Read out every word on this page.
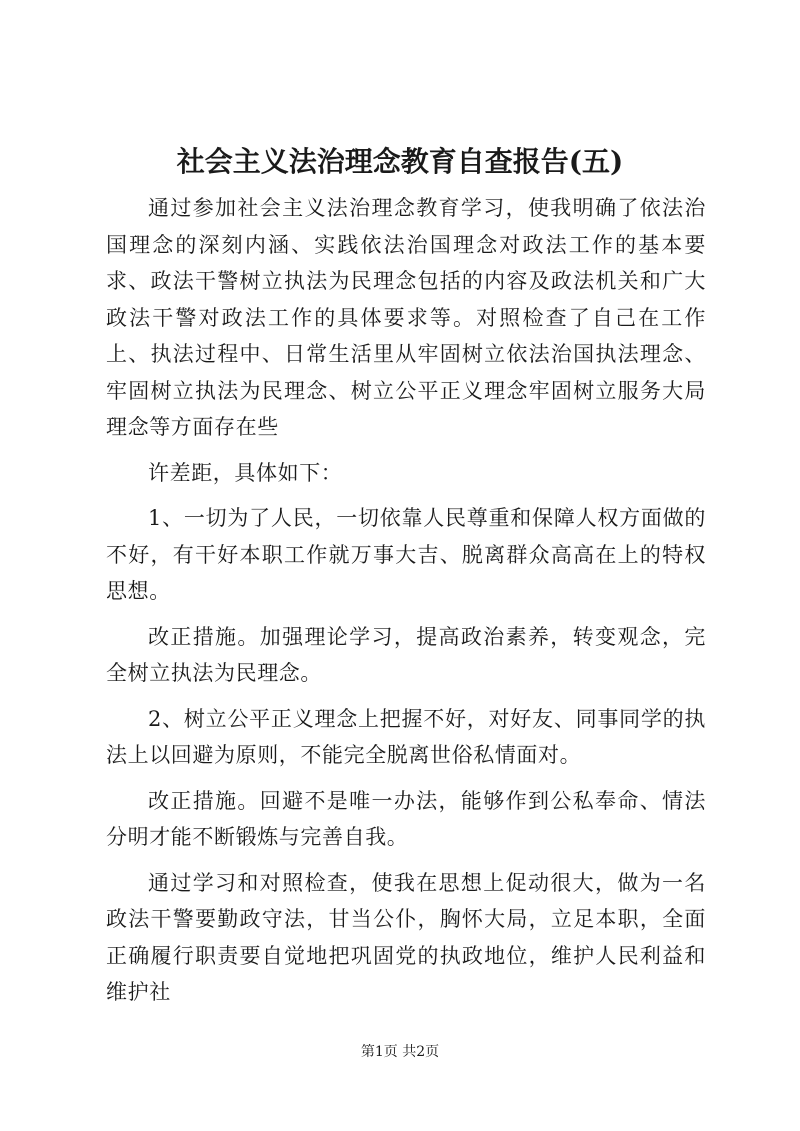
社会主义法治理念教育自查报告(五)

通过参加社会主义法治理念教育学习，使我明确了依法治国理念的深刻内涵、实践依法治国理念对政法工作的基本要求、政法干警树立执法为民理念包括的内容及政法机关和广大政法干警对政法工作的具体要求等。对照检查了自己在工作上、执法过程中、日常生活里从牢固树立依法治国执法理念、牢固树立执法为民理念、树立公平正义理念牢固树立服务大局理念等方面存在些

许差距，具体如下：

1、一切为了人民，一切依靠人民尊重和保障人权方面做的不好，有干好本职工作就万事大吉、脱离群众高高在上的特权思想。

改正措施。加强理论学习，提高政治素养，转变观念，完全树立执法为民理念。

2、树立公平正义理念上把握不好，对好友、同事同学的执法上以回避为原则，不能完全脱离世俗私情面对。

改正措施。回避不是唯一办法，能够作到公私奉命、情法分明才能不断锻炼与完善自我。

通过学习和对照检查，使我在思想上促动很大，做为一名政法干警要勤政守法，甘当公仆，胸怀大局，立足本职，全面正确履行职责要自觉地把巩固党的执政地位，维护人民利益和维护社

第1页 共2页
